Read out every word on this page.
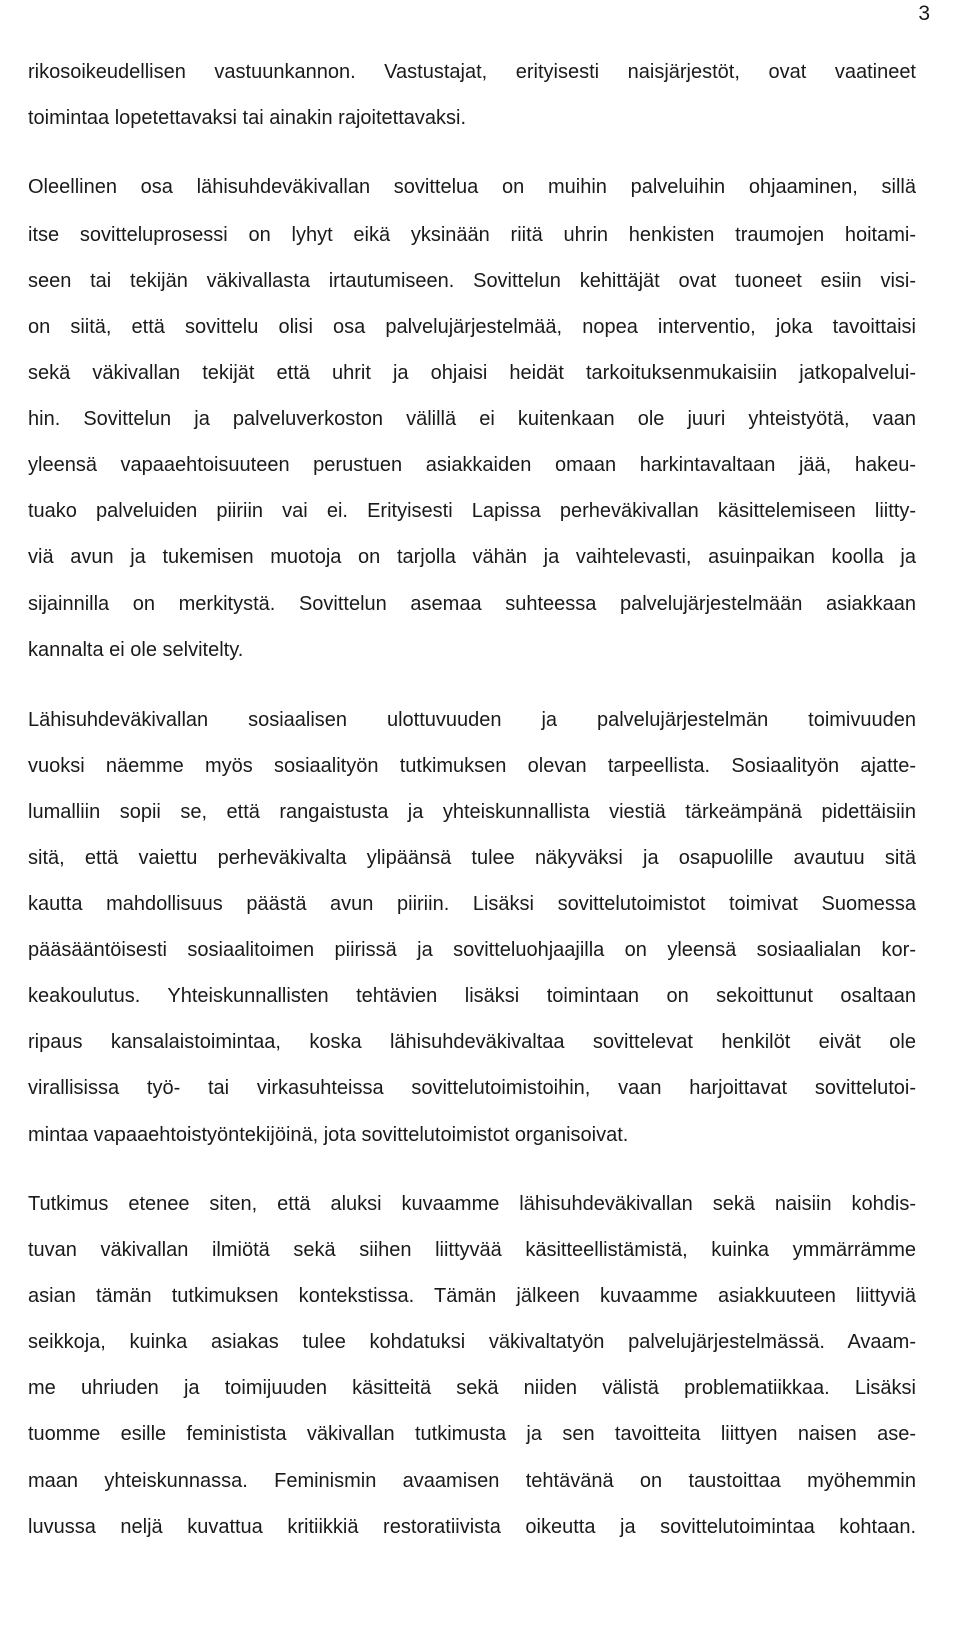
3
rikosoikeudellisen vastuunkannon. Vastustajat, erityisesti naisjärjestöt, ovat vaatineet
toimintaa lopetettavaksi tai ainakin rajoitettavaksi.
Oleellinen osa lähisuhdeväkivallan sovittelua on muihin palveluihin ohjaaminen, sillä
itse sovitteluprosessi on lyhyt eikä yksinään riitä uhrin henkisten traumojen hoitami-
seen tai tekijän väkivallasta irtautumiseen. Sovittelun kehittäjät ovat tuoneet esiin visi-
on siitä, että sovittelu olisi osa palvelujärjestelmää, nopea interventio, joka tavoittaisi
sekä väkivallan tekijät että uhrit ja ohjaisi heidät tarkoituksenmukaisiin jatkopalvelui-
hin. Sovittelun ja palveluverkoston välillä ei kuitenkaan ole juuri yhteistyötä, vaan
yleensä vapaaehtoisuuteen perustuen asiakkaiden omaan harkintavaltaan jää, hakeu-
tuako palveluiden piiriin vai ei. Erityisesti Lapissa perheväkivallan käsittelemiseen liitty-
viä avun ja tukemisen muotoja on tarjolla vähän ja vaihtelevasti, asuinpaikan koolla ja
sijainnilla on merkitystä. Sovittelun asemaa suhteessa palvelujärjestelmään asiakkaan
kannalta ei ole selvitelty.
Lähisuhdeväkivallan sosiaalisen ulottuvuuden ja palvelujärjestelmän toimivuuden
vuoksi näemme myös sosiaalityön tutkimuksen olevan tarpeellista. Sosiaalityön ajatte-
lumalliin sopii se, että rangaistusta ja yhteiskunnallista viestiä tärkeämpänä pidettäisiin
sitä, että vaiettu perheväkivalta ylipäänsä tulee näkyväksi ja osapuolille avautuu sitä
kautta mahdollisuus päästä avun piiriin. Lisäksi sovittelutoimistot toimivat Suomessa
pääsääntöisesti sosiaalitoimen piirissä ja sovitteluohjaajilla on yleensä sosiaalialan kor-
keakoulutus. Yhteiskunnallisten tehtävien lisäksi toimintaan on sekoittunut osaltaan
ripaus kansalaistoimintaa, koska lähisuhdeväkivaltaa sovittelevat henkilöt eivät ole
virallisissa työ- tai virkasuhteissa sovittelutoimistoihin, vaan harjoittavat sovittelutoi-
mintaa vapaaehtoistyöntekijöinä, jota sovittelutoimistot organisoivat.
Tutkimus etenee siten, että aluksi kuvaamme lähisuhdeväkivallan sekä naisiin kohdis-
tuvan väkivallan ilmiötä sekä siihen liittyvää käsitteellistämistä, kuinka ymmärrämme
asian tämän tutkimuksen kontekstissa. Tämän jälkeen kuvaamme asiakkuuteen liittyviä
seikkoja, kuinka asiakas tulee kohdatuksi väkivaltatyön palvelujärjestelmässä. Avaam-
me uhriuden ja toimijuuden käsitteitä sekä niiden välistä problematiikkaa. Lisäksi
tuomme esille feministista väkivallan tutkimusta ja sen tavoitteita liittyen naisen ase-
maan yhteiskunnassa. Feminismin avaamisen tehtävänä on taustoittaa myöhemmin
luvussa neljä kuvattua kritiikkiä restoratiivista oikeutta ja sovittelutoimintaa kohtaan.
